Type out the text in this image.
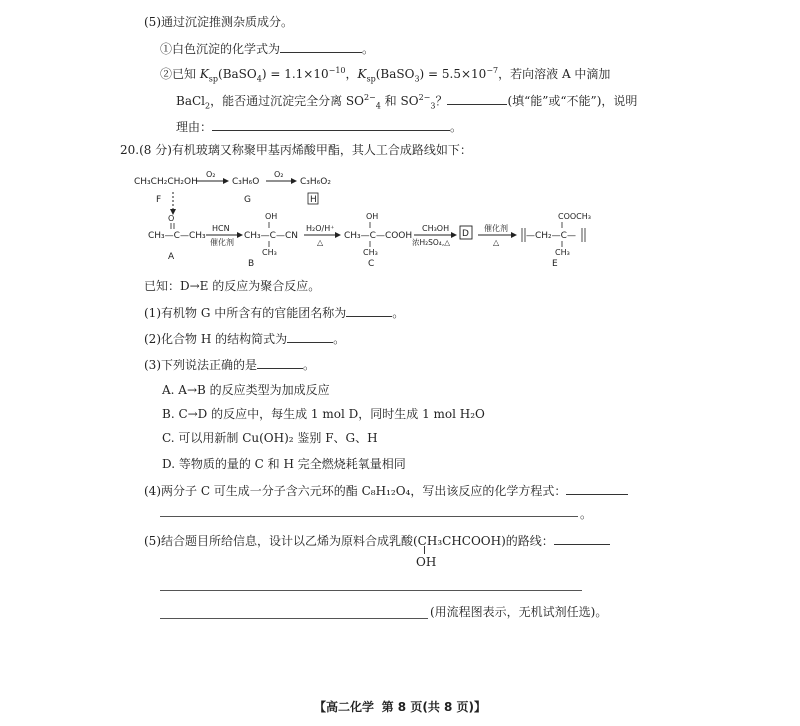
(5)通过沉淀推测杂质成分。
①白色沉淀的化学式为	。
②已知 $K_{sp}(BaSO_4) = 1.1\times 10^{-10}$，$K_{sp}(BaSO_3) = 5.5\times 10^{-7}$，若向溶液 A 中滴加
BaCl$_2$，能否通过沉淀完全分离 $SO^{2-}_4$ 和 $SO^{2-}_3$？	(填“能”或“不能”)，说明
理由：	。
20.(8 分)有机玻璃又称聚甲基丙烯酸甲酯，其人工合成路线如下：
CH₃CH₂CH₂OH
F
O₂
C₃H₆O
G
O₂
C₃H₆O₂
H
O
CH₃—C—CH₃
A
HCN
催化剂
OH
CH₃—C—CN
CH₃
B
H₂O/H⁺
△
OH
CH₃—C—COOH
CH₃
C
CH₃OH
浓H₂SO₄,△
D
催化剂
△
—CH₂—C—
COOCH₃
CH₃
E
已知：D→E 的反应为聚合反应。
(1)有机物 G 中所含有的官能团名称为	。
(2)化合物 H 的结构简式为	。
(3)下列说法正确的是	。
A. A→B 的反应类型为加成反应
B. C→D 的反应中，每生成 1 mol D，同时生成 1 mol H₂O
C. 可以用新制 Cu(OH)₂ 鉴别 F、G、H
D. 等物质的量的 C 和 H 完全燃烧耗氧量相同
(4)两分子 C 可生成一分子含六元环的酯 C₈H₁₂O₄，写出该反应的化学方程式：
。
(5)结合题目所给信息，设计以乙烯为原料合成乳酸(CH₃CHCOOH)的路线：
OH
(用流程图表示，无机试剂任选)。
【高二化学 第 8 页(共 8 页)】
